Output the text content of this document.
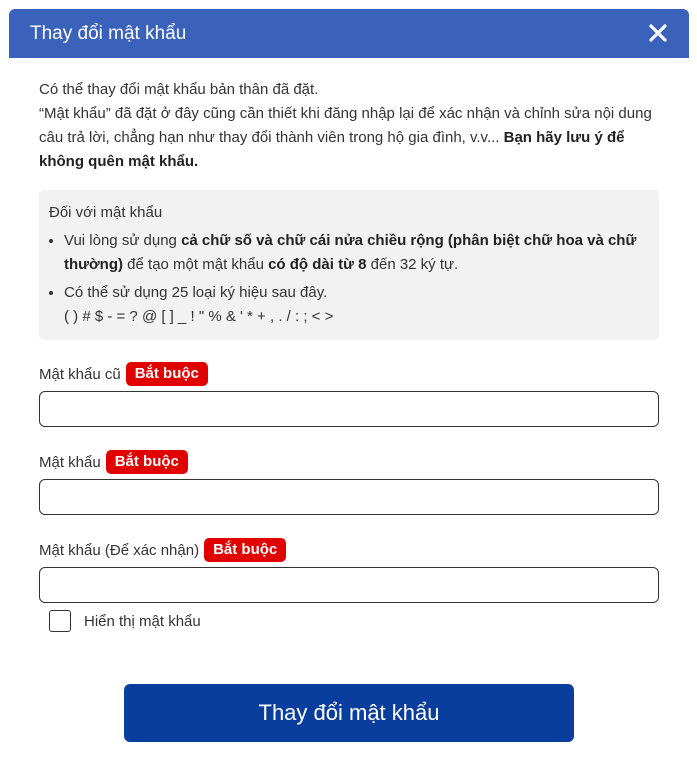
Thay đổi mật khẩu

Có thể thay đổi mật khẩu bản thân đã đặt.

“Mật khẩu” đã đặt ở đây cũng cần thiết khi đăng nhập lại để xác nhận và chỉnh sửa nội dung câu trả lời, chẳng hạn như thay đổi thành viên trong hộ gia đình, v.v... Bạn hãy lưu ý để không quên mật khẩu.

Đối với mật khẩu

• Vui lòng sử dụng cả chữ số và chữ cái nửa chiều rộng (phân biệt chữ hoa và chữ thường) để tạo một mật khẩu có độ dài từ 8 đến 32 ký tự.
• Có thể sử dụng 25 loại ký hiệu sau đây.
( ) # $ - = ? @ [ ] _ ! " % & ' * + , . / : ; < >
Mật khẩu cũ Bắt buộc
Mật khẩu Bắt buộc
Mật khẩu (Để xác nhận) Bắt buộc
Hiển thị mật khẩu
Thay đổi mật khẩu
